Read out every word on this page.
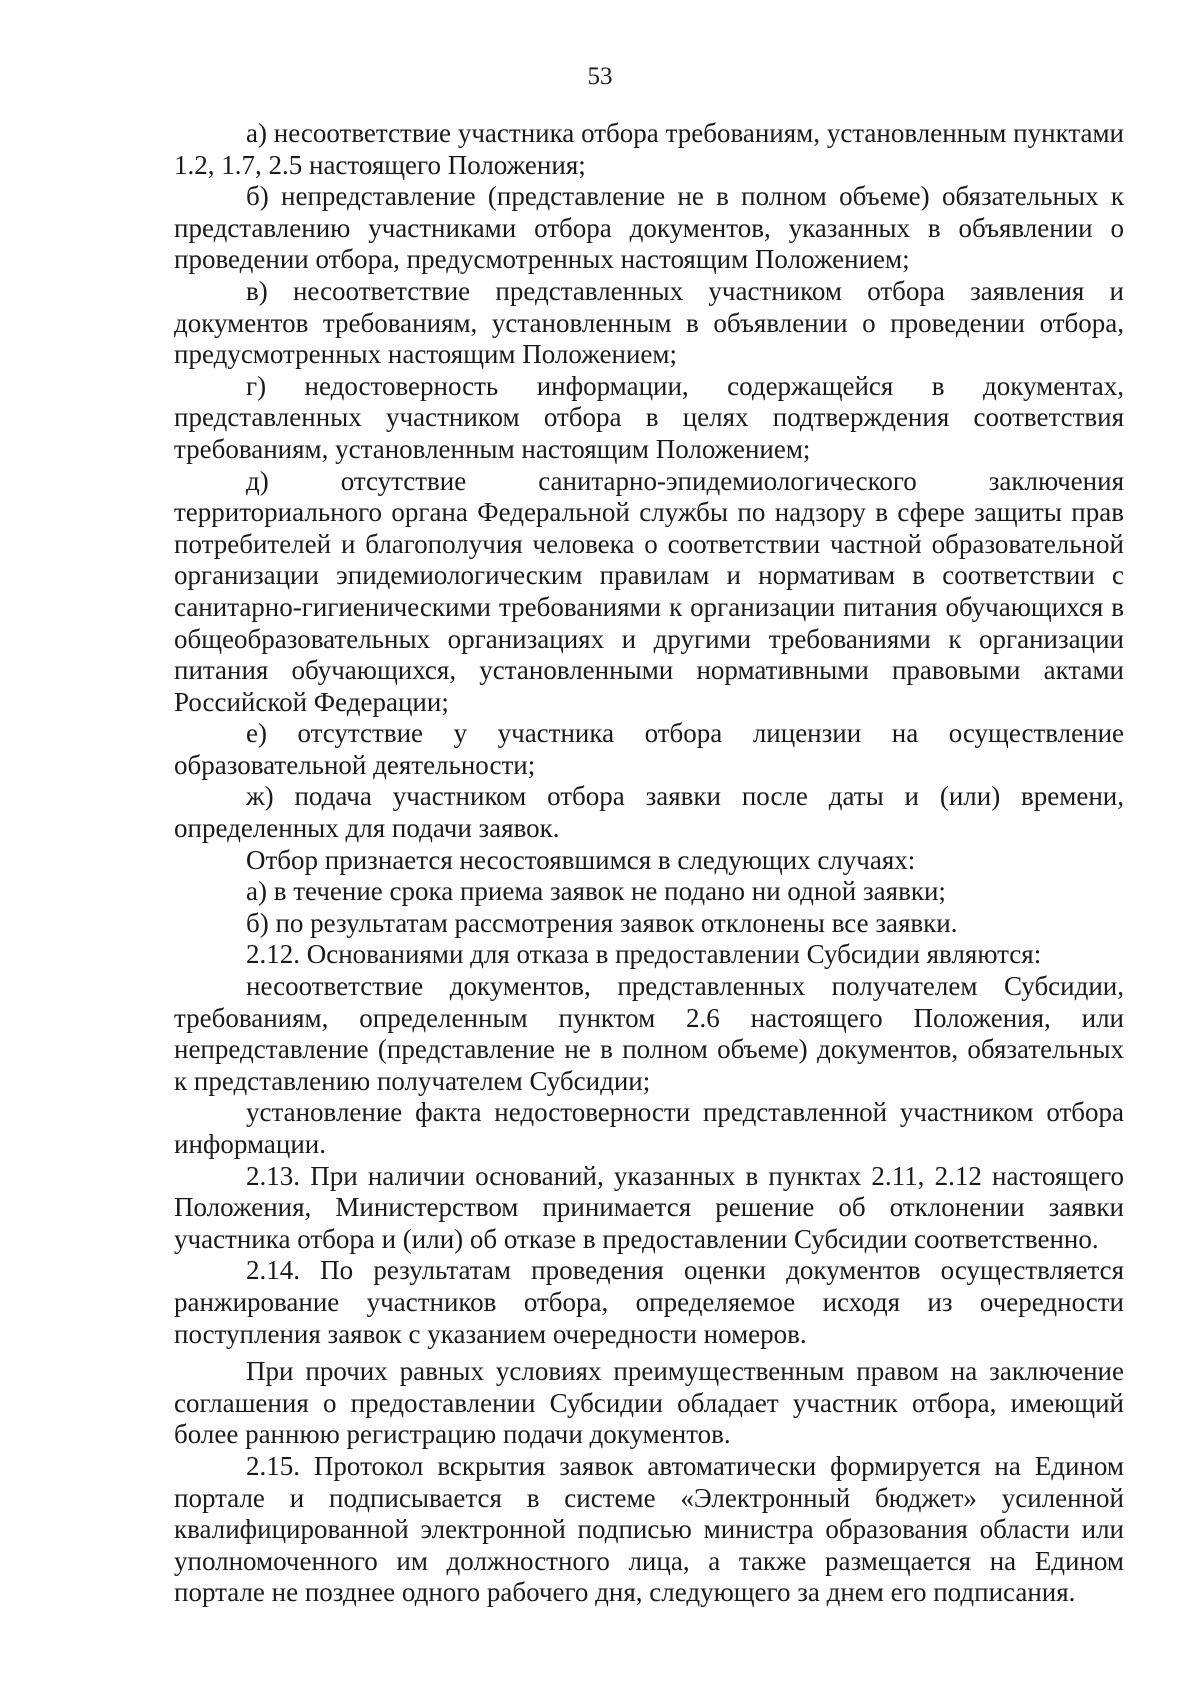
53

а) несоответствие участника отбора требованиям, установленным пунктами 1.2, 1.7, 2.5 настоящего Положения;

б) непредставление (представление не в полном объеме) обязательных к представлению участниками отбора документов, указанных в объявлении о проведении отбора, предусмотренных настоящим Положением;

в) несоответствие представленных участником отбора заявления и документов требованиям, установленным в объявлении о проведении отбора, предусмотренных настоящим Положением;

г) недостоверность информации, содержащейся в документах, представленных участником отбора в целях подтверждения соответствия требованиям, установленным настоящим Положением;

д) отсутствие санитарно-эпидемиологического заключения территориального органа Федеральной службы по надзору в сфере защиты прав потребителей и благополучия человека о соответствии частной образовательной организации эпидемиологическим правилам и нормативам в соответствии с санитарно-гигиеническими требованиями к организации питания обучающихся в общеобразовательных организациях и другими требованиями к организации питания обучающихся, установленными нормативными правовыми актами Российской Федерации;

е) отсутствие у участника отбора лицензии на осуществление образовательной деятельности;

ж) подача участником отбора заявки после даты и (или) времени, определенных для подачи заявок.

Отбор признается несостоявшимся в следующих случаях:

а) в течение срока приема заявок не подано ни одной заявки;

б) по результатам рассмотрения заявок отклонены все заявки.

2.12. Основаниями для отказа в предоставлении Субсидии являются:

несоответствие документов, представленных получателем Субсидии, требованиям, определенным пунктом 2.6 настоящего Положения, или непредставление (представление не в полном объеме) документов, обязательных к представлению получателем Субсидии;

установление факта недостоверности представленной участником отбора информации.

2.13. При наличии оснований, указанных в пунктах 2.11, 2.12 настоящего Положения, Министерством принимается решение об отклонении заявки участника отбора и (или) об отказе в предоставлении Субсидии соответственно.

2.14. По результатам проведения оценки документов осуществляется ранжирование участников отбора, определяемое исходя из очередности поступления заявок с указанием очередности номеров.

При прочих равных условиях преимущественным правом на заключение соглашения о предоставлении Субсидии обладает участник отбора, имеющий более раннюю регистрацию подачи документов.

2.15. Протокол вскрытия заявок автоматически формируется на Едином портале и подписывается в системе «Электронный бюджет» усиленной квалифицированной электронной подписью министра образования области или уполномоченного им должностного лица, а также размещается на Едином портале не позднее одного рабочего дня, следующего за днем его подписания.
